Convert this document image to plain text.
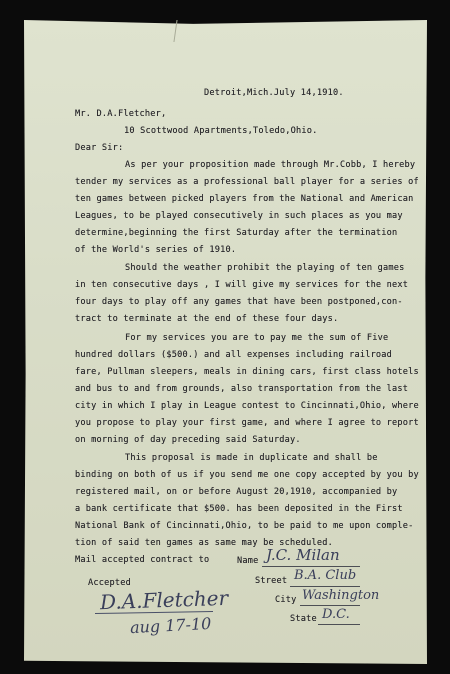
Detroit,Mich.July 14,1910.
Mr. D.A.Fletcher,
10 Scottwood Apartments,Toledo,Ohio.
Dear Sir:
As per your proposition made through Mr.Cobb, I hereby
tender my services as a professional ball player for a series of
ten games between picked players from the National and American
Leagues, to be played consecutively in such places as you may
determine,beginning the first Saturday after the termination
of the World's series of 1910.
Should the weather prohibit the playing of ten games
in ten consecutive days , I will give my services for the next
four days to play off any games that have been postponed,con-
tract to terminate at the end of these four days.
For my services you are to pay me the sum of Five
hundred dollars ($500.) and all expenses including railroad
fare, Pullman sleepers, meals in dining cars, first class hotels
and bus to and from grounds, also transportation from the last
city in which I play in League contest to Cincinnati,Ohio, where
you propose to play your first game, and where I agree to report
on morning of day preceding said Saturday.
This proposal is made in duplicate and shall be
binding on both of us if you send me one copy accepted by you by
registered mail, on or before August 20,1910, accompanied by
a bank certificate that $500. has been deposited in the First
National Bank of Cincinnati,Ohio, to be paid to me upon comple-
tion of said ten games as same may be scheduled.
Mail accepted contract to	Name J.C. Milan
Street B.A. Club
City Washington
State D.C.
Accepted
D.A.Fletcher
aug 17-10
